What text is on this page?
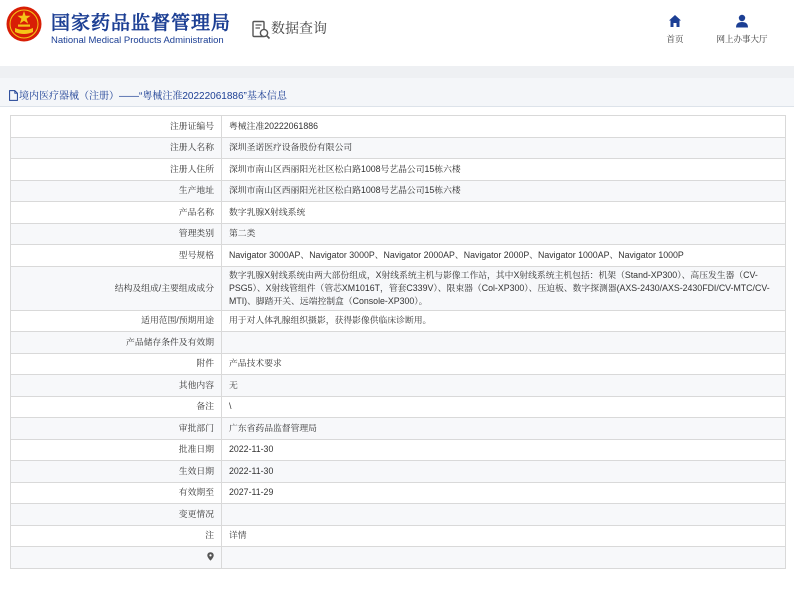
国家药品监督管理局
National Medical Products Administration
数据查询
首页	网上办事大厅
境内医疗器械（注册）——“粤械注准20222061886”基本信息
注册证编号	粤械注准20222061886
注册人名称	深圳圣诺医疗设备股份有限公司
注册人住所	深圳市南山区西丽阳光社区松白路1008号艺晶公司15栋六楼
生产地址	深圳市南山区西丽阳光社区松白路1008号艺晶公司15栋六楼
产品名称	数字乳腺X射线系统
管理类别	第二类
型号规格	Navigator 3000AP、Navigator 3000P、Navigator 2000AP、Navigator 2000P、Navigator 1000AP、Navigator 1000P
结构及组成/主要组成成分	数字乳腺X射线系统由两大部份组成，X射线系统主机与影像工作站，其中X射线系统主机包括：机架（Stand-XP300）、高压发生器（CV-PSG5）、X射线管组件（管芯XM1016T，管套C339V）、限束器（Col-XP300）、压迫板、数字探测器(AXS-2430/AXS-2430FDI/CV-MTC/CV-MTI)、脚踏开关、远端控制盒（Console-XP300）。
适用范围/预期用途	用于对人体乳腺组织摄影，获得影像供临床诊断用。
产品储存条件及有效期	
附件	产品技术要求
其他内容	无
备注	\
审批部门	广东省药品监督管理局
批准日期	2022-11-30
生效日期	2022-11-30
有效期至	2027-11-29
变更情况	
注	详情
